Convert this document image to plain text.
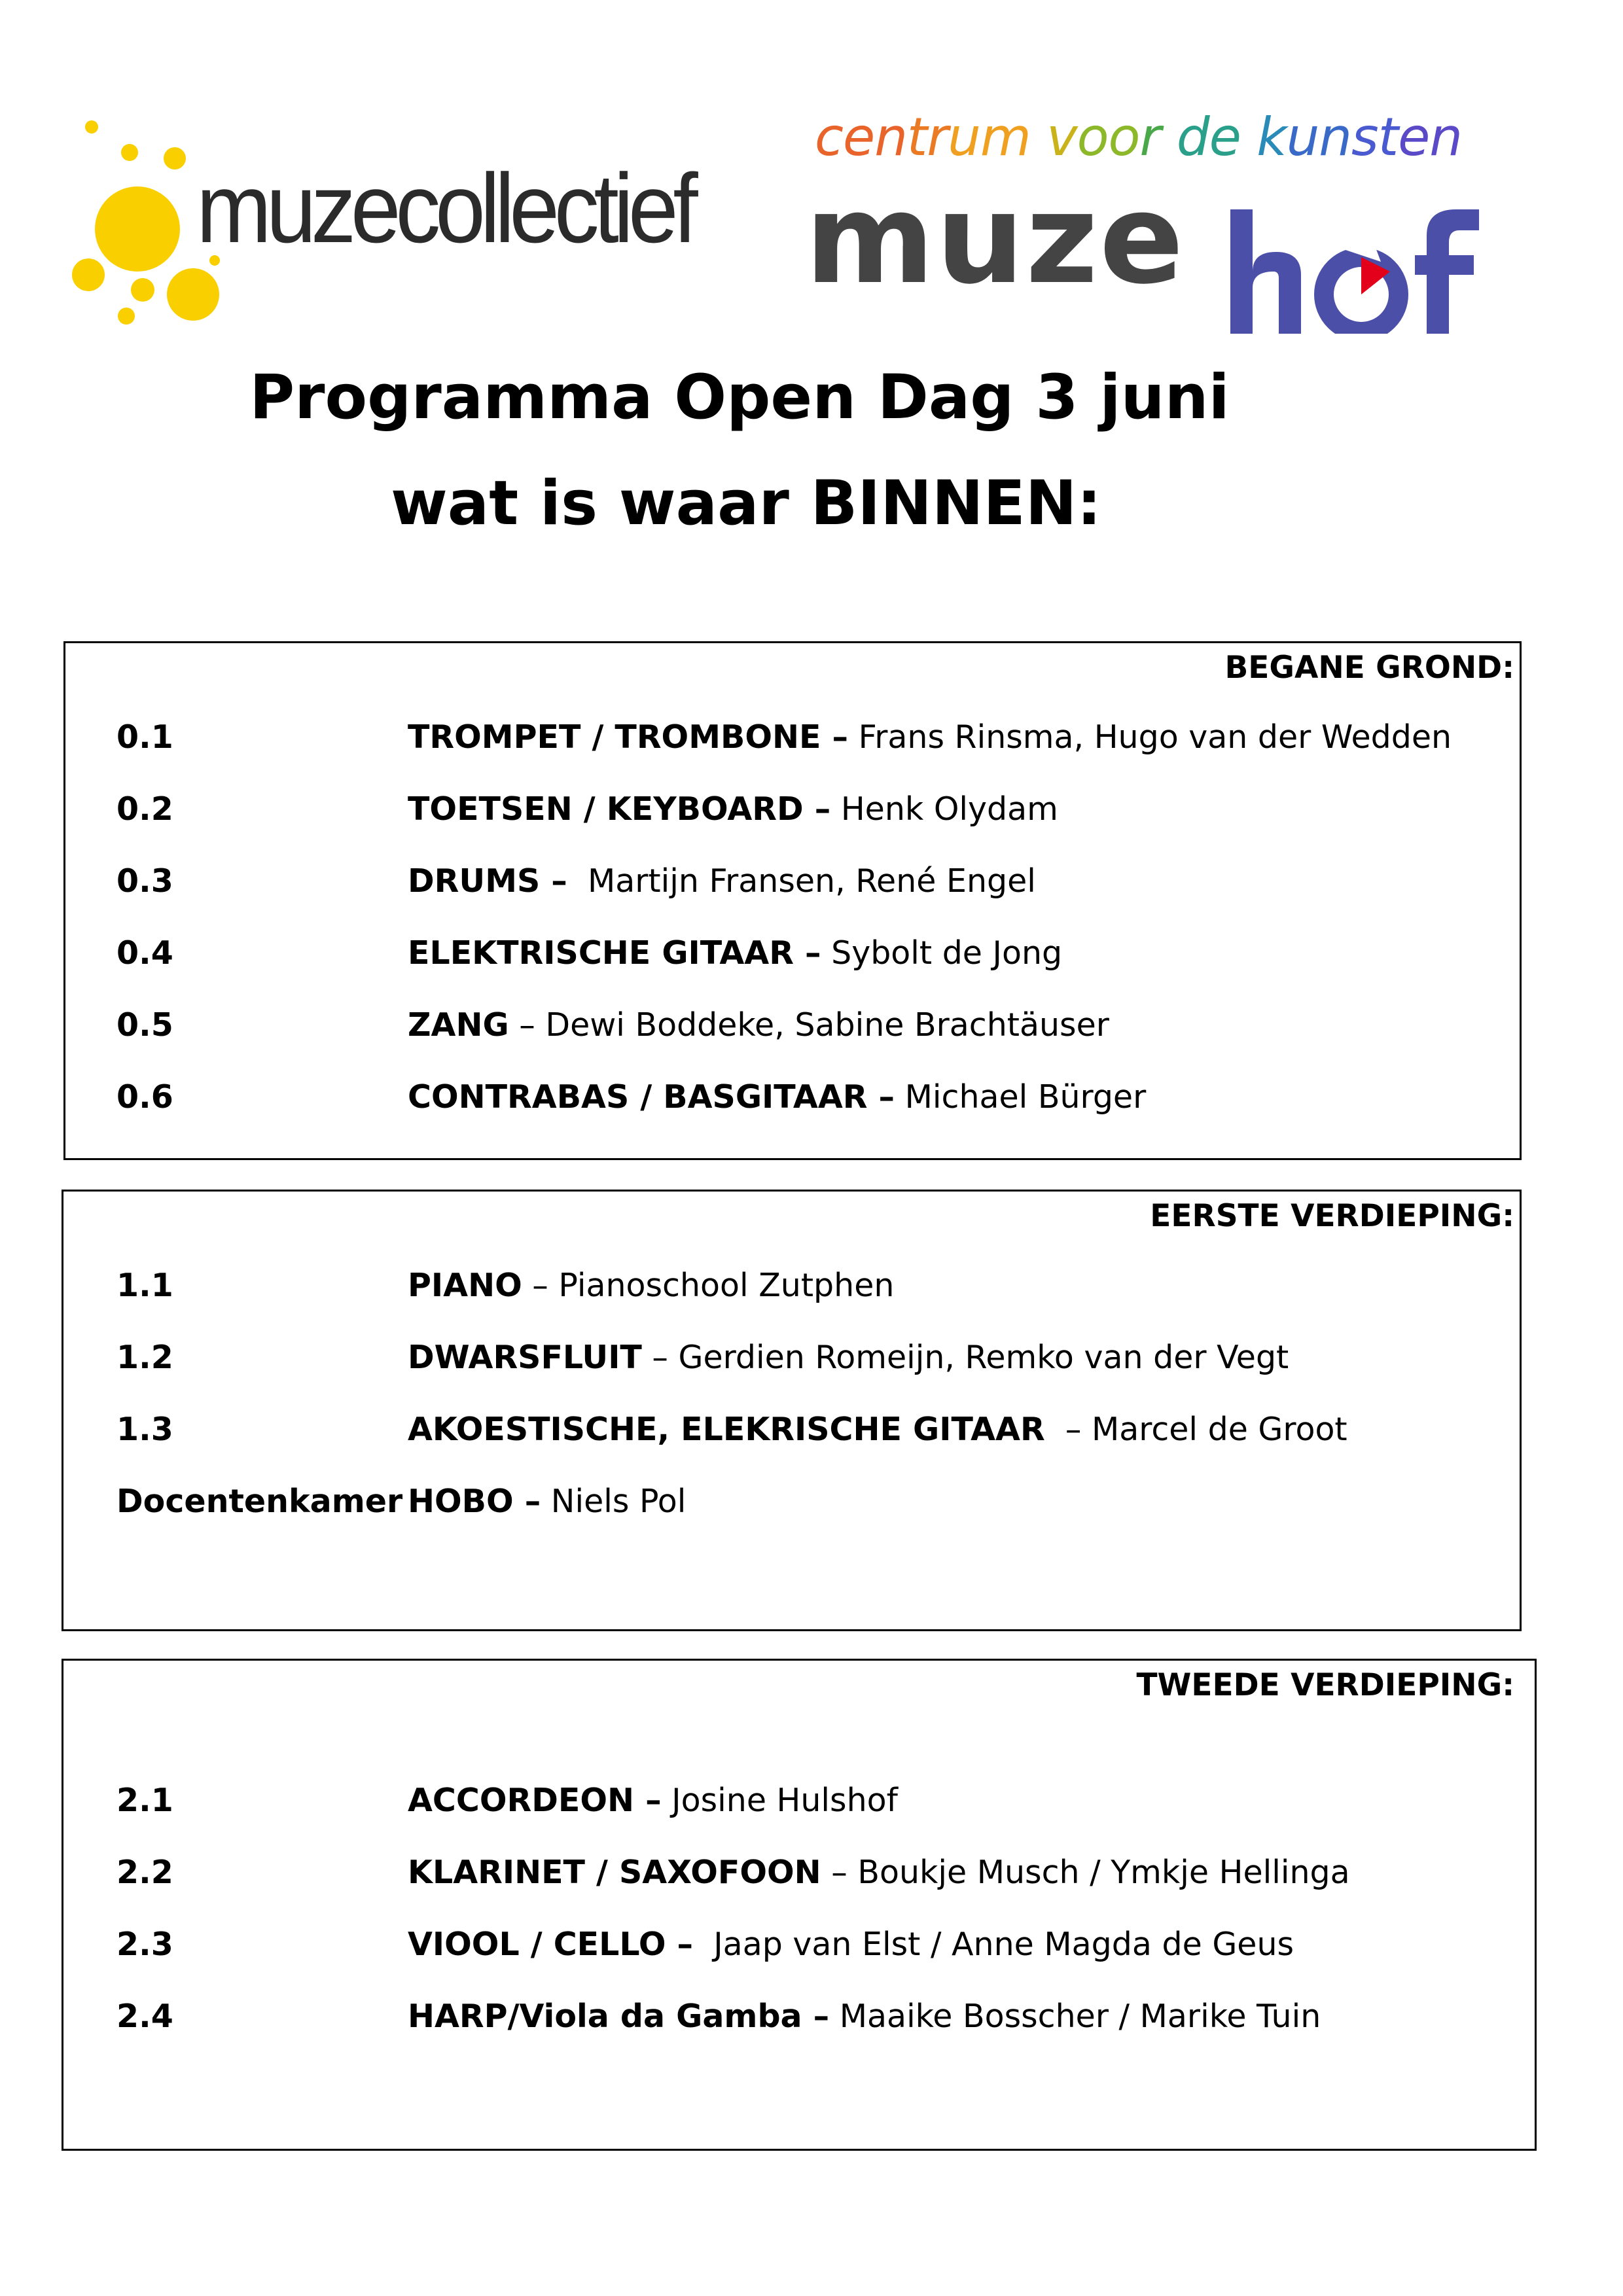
muzecollectief
centrum voor de kunsten
muze
Programma Open Dag 3 juni
wat is waar BINNEN:
BEGANE GROND:
0.1	TROMPET / TROMBONE – Frans Rinsma, Hugo van der Wedden
0.2	TOETSEN / KEYBOARD – Henk Olydam
0.3	DRUMS –  Martijn Fransen, René Engel
0.4	ELEKTRISCHE GITAAR – Sybolt de Jong
0.5	ZANG – Dewi Boddeke, Sabine Brachtäuser
0.6	CONTRABAS / BASGITAAR – Michael Bürger
EERSTE VERDIEPING:
1.1	PIANO – Pianoschool Zutphen
1.2	DWARSFLUIT – Gerdien Romeijn, Remko van der Vegt
1.3	AKOESTISCHE, ELEKRISCHE GITAAR  – Marcel de Groot
Docentenkamer HOBO – Niels Pol
TWEEDE VERDIEPING:
2.1	ACCORDEON – Josine Hulshof
2.2	KLARINET / SAXOFOON – Boukje Musch / Ymkje Hellinga
2.3	VIOOL / CELLO –  Jaap van Elst / Anne Magda de Geus
2.4	HARP/Viola da Gamba – Maaike Bosscher / Marike Tuin
